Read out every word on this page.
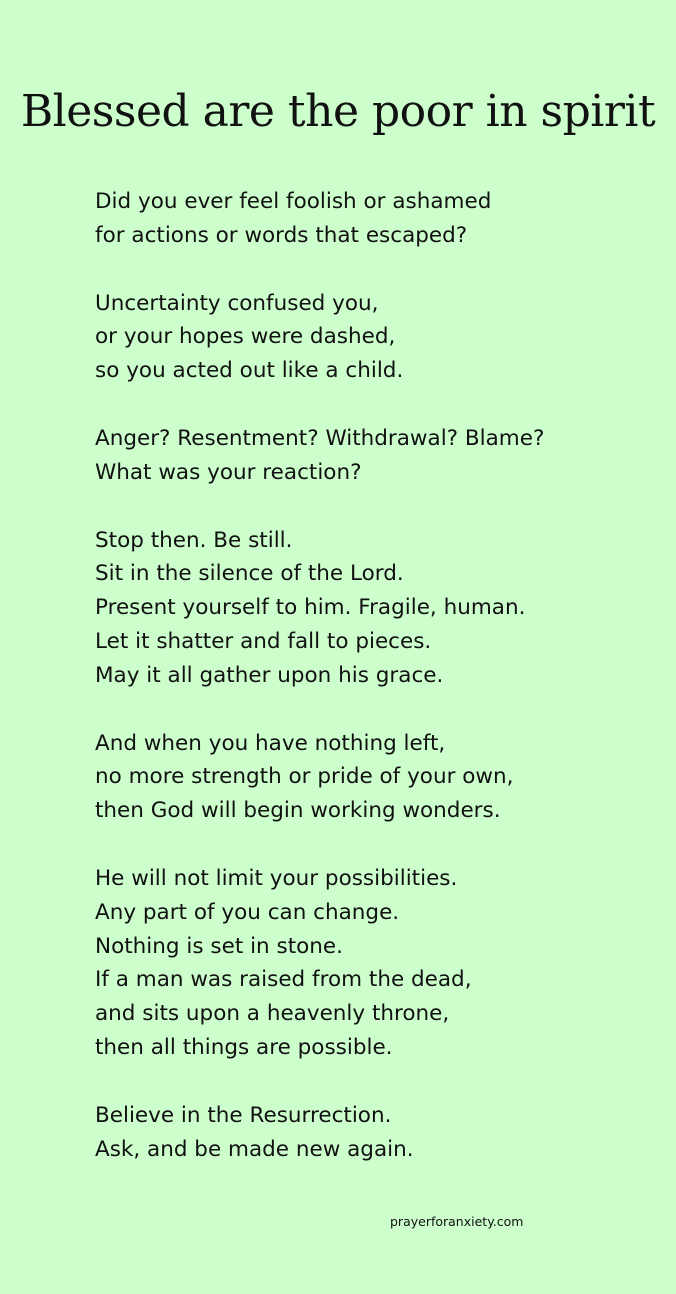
Blessed are the poor in spirit
Did you ever feel foolish or ashamed
for actions or words that escaped?
Uncertainty confused you,
or your hopes were dashed,
so you acted out like a child.
Anger? Resentment? Withdrawal? Blame?
What was your reaction?
Stop then. Be still.
Sit in the silence of the Lord.
Present yourself to him. Fragile, human.
Let it shatter and fall to pieces.
May it all gather upon his grace.
And when you have nothing left,
no more strength or pride of your own,
then God will begin working wonders.
He will not limit your possibilities.
Any part of you can change.
Nothing is set in stone.
If a man was raised from the dead,
and sits upon a heavenly throne,
then all things are possible.
Believe in the Resurrection.
Ask, and be made new again.
prayerforanxiety.com
